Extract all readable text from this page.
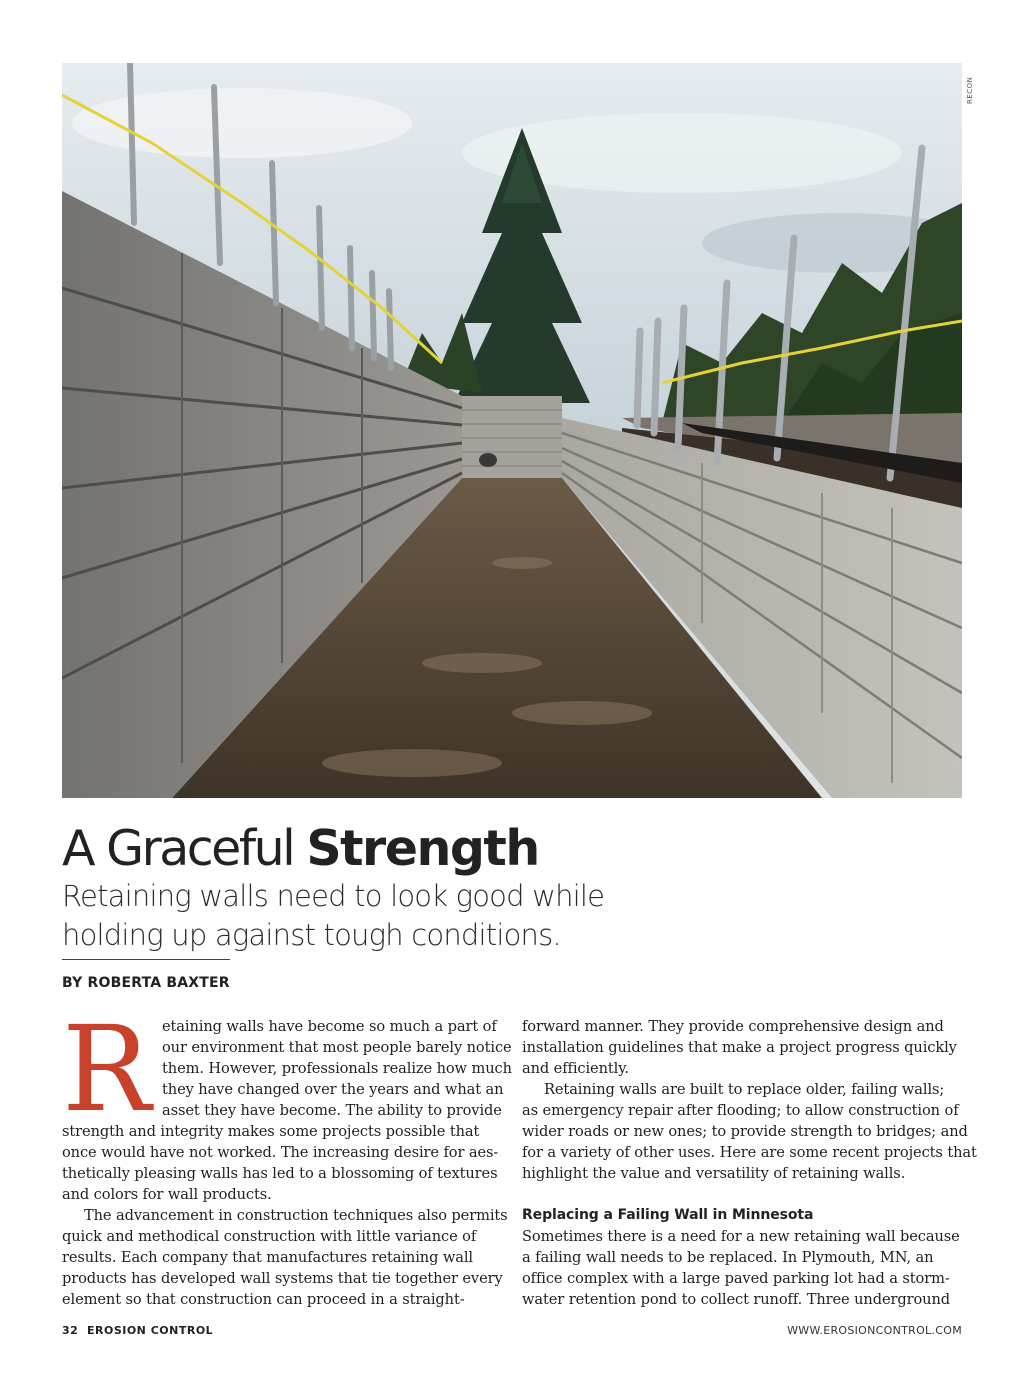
RECON
A Graceful Strength
Retaining walls need to look good while
holding up against tough conditions.
BY ROBERTA BAXTER
R etaining walls have become so much a part of
our environment that most people barely notice
them. However, professionals realize how much
they have changed over the years and what an
asset they have become. The ability to provide
strength and integrity makes some projects possible that
once would have not worked. The increasing desire for aes-
thetically pleasing walls has led to a blossoming of textures
and colors for wall products.
The advancement in construction techniques also permits
quick and methodical construction with little variance of
results. Each company that manufactures retaining wall
products has developed wall systems that tie together every
element so that construction can proceed in a straight-
forward manner. They provide comprehensive design and
installation guidelines that make a project progress quickly
and efficiently.
Retaining walls are built to replace older, failing walls;
as emergency repair after flooding; to allow construction of
wider roads or new ones; to provide strength to bridges; and
for a variety of other uses. Here are some recent projects that
highlight the value and versatility of retaining walls.
Replacing a Failing Wall in Minnesota
Sometimes there is a need for a new retaining wall because
a failing wall needs to be replaced. In Plymouth, MN, an
office complex with a large paved parking lot had a storm-
water retention pond to collect runoff. Three underground
32 EROSION CONTROL	WWW.EROSIONCONTROL.COM
